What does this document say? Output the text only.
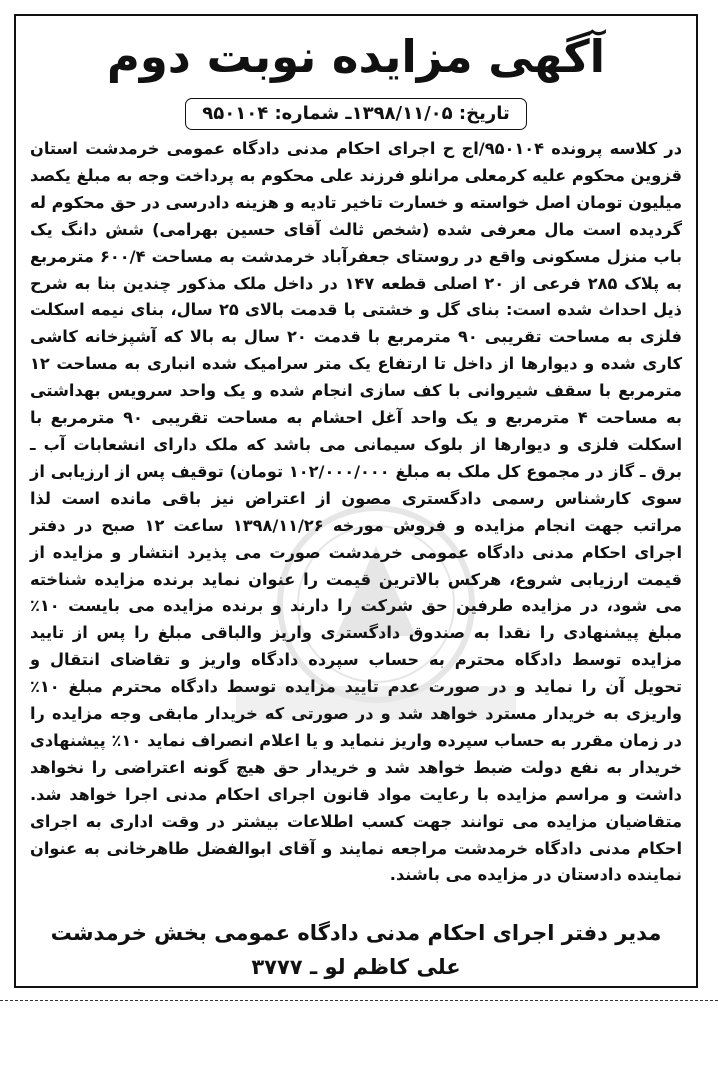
آگهی مزایده نوبت دوم
تاریخ: ۱۳۹۸/۱۱/۰۵ـ شماره: ۹۵۰۱۰۴

در کلاسه پرونده ۹۵۰۱۰۴/اج ح اجرای احکام مدنی دادگاه عمومی خرمدشت استان قزوین محکوم علیه کرمعلی مرانلو فرزند علی محکوم به پرداخت وجه به مبلغ یکصد میلیون تومان اصل خواسته و خسارت تاخیر تادیه و هزینه دادرسی در حق محکوم له گردیده است مال معرفی شده (شخص ثالث آقای حسین بهرامی) شش دانگ یک باب منزل مسکونی واقع در روستای جعفرآباد خرمدشت به مساحت ۶۰۰/۴ مترمربع به پلاک ۲۸۵ فرعی از ۲۰ اصلی قطعه ۱۴۷ در داخل ملک مذکور چندین بنا به شرح ذیل احداث شده است: بنای گل و خشتی با قدمت بالای ۲۵ سال، بنای نیمه اسکلت فلزی به مساحت تقریبی ۹۰ مترمربع با قدمت ۲۰ سال به بالا که آشپزخانه کاشی کاری شده و دیوارها از داخل تا ارتفاع یک متر سرامیک شده انباری به مساحت ۱۲ مترمربع با سقف شیروانی با کف سازی انجام شده و یک واحد سرویس بهداشتی به مساحت ۴ مترمربع و یک واحد آغل احشام به مساحت تقریبی ۹۰ مترمربع با اسکلت فلزی و دیوارها از بلوک سیمانی می باشد که ملک دارای انشعابات آب ـ برق ـ گاز در مجموع کل ملک به مبلغ ۱۰۲/۰۰۰/۰۰۰ تومان) توقیف پس از ارزیابی از سوی کارشناس رسمی دادگستری مصون از اعتراض نیز باقی مانده است لذا مراتب جهت انجام مزایده و فروش مورخه ۱۳۹۸/۱۱/۲۶ ساعت ۱۲ صبح در دفتر اجرای احکام مدنی دادگاه عمومی خرمدشت صورت می پذیرد انتشار و مزایده از قیمت ارزیابی شروع، هرکس بالاترین قیمت را عنوان نماید برنده مزایده شناخته می شود، در مزایده طرفین حق شرکت را دارند و برنده مزایده می بایست ۱۰٪ مبلغ پیشنهادی را نقدا به صندوق دادگستری واریز والباقی مبلغ را پس از تایید مزایده توسط دادگاه محترم به حساب سپرده دادگاه واریز و تقاضای انتقال و تحویل آن را نماید و در صورت عدم تایید مزایده توسط دادگاه محترم مبلغ ۱۰٪ واریزی به خریدار مسترد خواهد شد و در صورتی که خریدار مابقی وجه مزایده را در زمان مقرر به حساب سپرده واریز ننماید و یا اعلام انصراف نماید ۱۰٪ پیشنهادی خریدار به نفع دولت ضبط خواهد شد و خریدار حق هیچ گونه اعتراضی را نخواهد داشت و مراسم مزایده با رعایت مواد قانون اجرای احکام مدنی اجرا خواهد شد. متقاضیان مزایده می توانند جهت کسب اطلاعات بیشتر در وقت اداری به اجرای احکام مدنی دادگاه خرمدشت مراجعه نمایند و آقای ابوالفضل طاهرخانی به عنوان نماینده دادستان در مزایده می باشند.

مدیر دفتر اجرای احکام مدنی دادگاه عمومی بخش خرمدشت
علی کاظم لو ـ ۳۷۷۷
